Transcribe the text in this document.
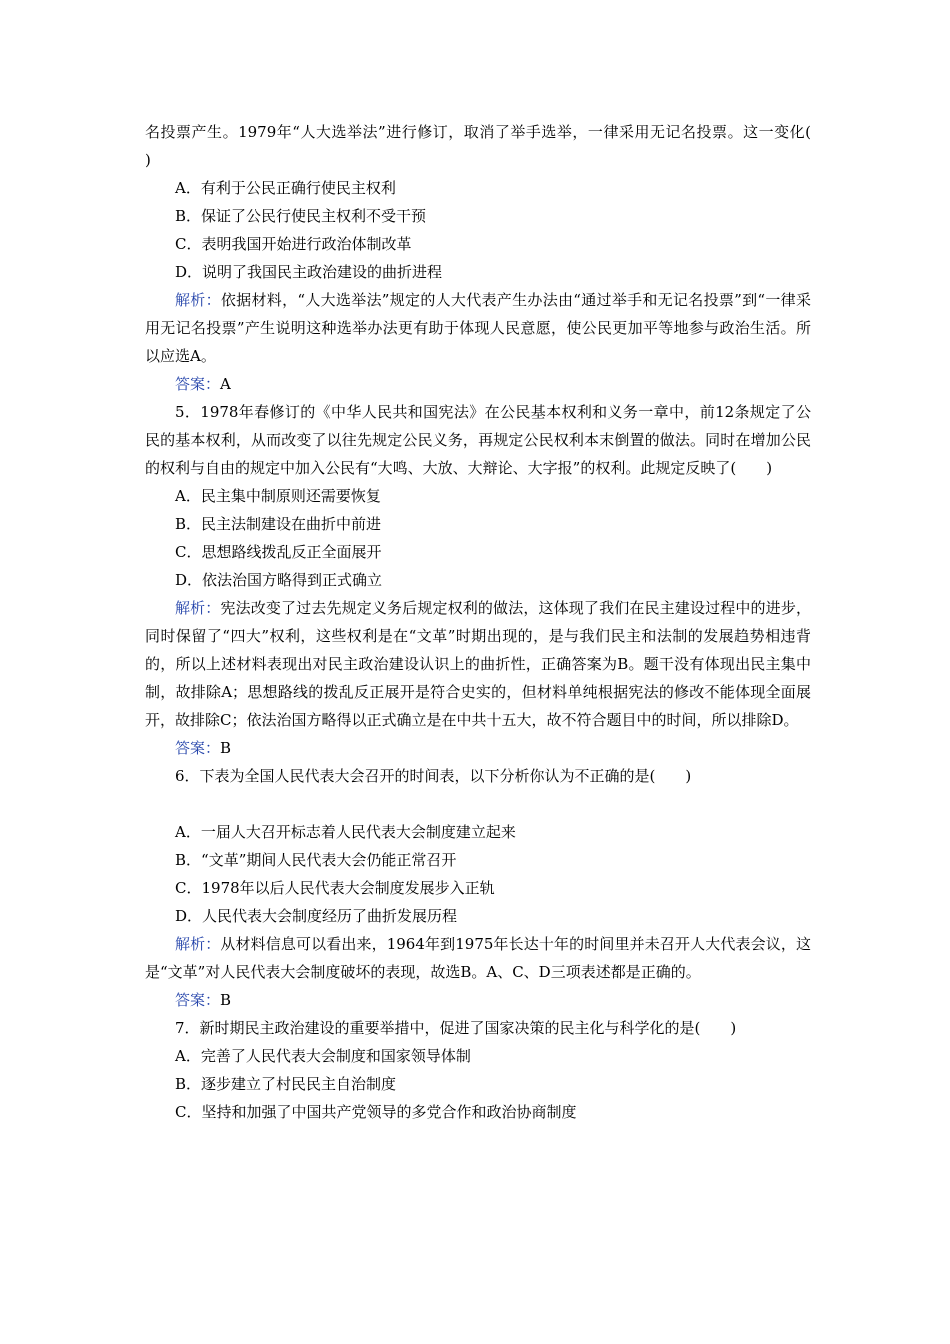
名投票产生。1979年“人大选举法”进行修订，取消了举手选举，一律采用无记名投票。这一变化(　　)

A．有利于公民正确行使民主权利

B．保证了公民行使民主权利不受干预

C．表明我国开始进行政治体制改革

D．说明了我国民主政治建设的曲折进程

解析：依据材料，“人大选举法”规定的人大代表产生办法由“通过举手和无记名投票”到“一律采用无记名投票”产生说明这种选举办法更有助于体现人民意愿，使公民更加平等地参与政治生活。所以应选A。

答案：A

5．1978年春修订的《中华人民共和国宪法》在公民基本权利和义务一章中，前12条规定了公民的基本权利，从而改变了以往先规定公民义务，再规定公民权利本末倒置的做法。同时在增加公民的权利与自由的规定中加入公民有“大鸣、大放、大辩论、大字报”的权利。此规定反映了(　　)

A．民主集中制原则还需要恢复

B．民主法制建设在曲折中前进

C．思想路线拨乱反正全面展开

D．依法治国方略得到正式确立

解析：宪法改变了过去先规定义务后规定权利的做法，这体现了我们在民主建设过程中的进步，同时保留了“四大”权利，这些权利是在“文革”时期出现的，是与我们民主和法制的发展趋势相违背的，所以上述材料表现出对民主政治建设认识上的曲折性，正确答案为B。题干没有体现出民主集中制，故排除A；思想路线的拨乱反正展开是符合史实的，但材料单纯根据宪法的修改不能体现全面展开，故排除C；依法治国方略得以正式确立是在中共十五大，故不符合题目中的时间，所以排除D。

答案：B

6．下表为全国人民代表大会召开的时间表，以下分析你认为不正确的是(　　)

A．一届人大召开标志着人民代表大会制度建立起来

B．“文革”期间人民代表大会仍能正常召开

C．1978年以后人民代表大会制度发展步入正轨

D．人民代表大会制度经历了曲折发展历程

解析：从材料信息可以看出来，1964年到1975年长达十年的时间里并未召开人大代表会议，这是“文革”对人民代表大会制度破坏的表现，故选B。A、C、D三项表述都是正确的。

答案：B

7．新时期民主政治建设的重要举措中，促进了国家决策的民主化与科学化的是(　　)

A．完善了人民代表大会制度和国家领导体制

B．逐步建立了村民民主自治制度

C．坚持和加强了中国共产党领导的多党合作和政治协商制度
